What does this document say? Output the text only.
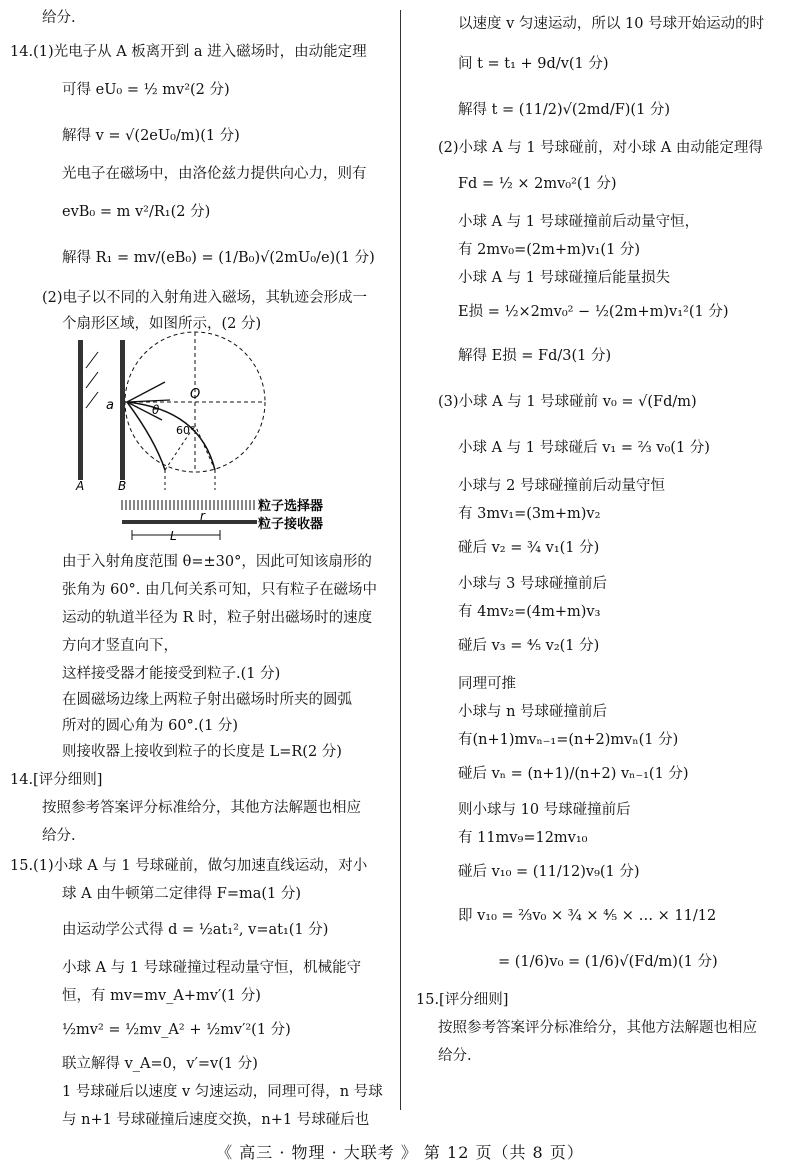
给分.
14.(1)光电子从 A 板离开到 a 进入磁场时，由动能定理
可得 eU₀ = ½ mv²(2 分)
解得 v = √(2eU₀/m)(1 分)
光电子在磁场中，由洛伦兹力提供向心力，则有
evB₀ = m v²/R₁(2 分)
解得 R₁ = mv/(eB₀) = (1/B₀)√(2mU₀/e)(1 分)
(2)电子以不同的入射角进入磁场，其轨迹会形成一
个扇形区域，如图所示，(2 分)
由于入射角度范围 θ=±30°，因此可知该扇形的
张角为 60°. 由几何关系可知，只有粒子在磁场中
运动的轨道半径为 R 时，粒子射出磁场时的速度
方向才竖直向下，
这样接受器才能接受到粒子.(1 分)
在圆磁场边缘上两粒子射出磁场时所夹的圆弧
所对的圆心角为 60°.(1 分)
则接收器上接收到粒子的长度是 L=R(2 分)
14.[评分细则]
按照参考答案评分标准给分，其他方法解题也相应
给分.
15.(1)小球 A 与 1 号球碰前，做匀加速直线运动，对小
球 A 由牛顿第二定律得 F=ma(1 分)
由运动学公式得 d = ½at₁², v=at₁(1 分)
小球 A 与 1 号球碰撞过程动量守恒，机械能守
恒，有 mv=mv_A+mv′(1 分)
½mv² = ½mv_A² + ½mv′²(1 分)
联立解得 v_A=0，v′=v(1 分)
1 号球碰后以速度 v 匀速运动，同理可得，n 号球
与 n+1 号球碰撞后速度交换，n+1 号球碰后也
以速度 v 匀速运动，所以 10 号球开始运动的时
间 t = t₁ + 9d/v(1 分)
解得 t = (11/2)√(2md/F)(1 分)
(2)小球 A 与 1 号球碰前，对小球 A 由动能定理得
Fd = ½ × 2mv₀²(1 分)
小球 A 与 1 号球碰撞前后动量守恒，
有 2mv₀=(2m+m)v₁(1 分)
小球 A 与 1 号球碰撞后能量损失
E损 = ½×2mv₀² − ½(2m+m)v₁²(1 分)
解得 E损 = Fd/3(1 分)
(3)小球 A 与 1 号球碰前 v₀ = √(Fd/m)
小球 A 与 1 号球碰后 v₁ = ⅔ v₀(1 分)
小球与 2 号球碰撞前后动量守恒
有 3mv₁=(3m+m)v₂
碰后 v₂ = ¾ v₁(1 分)
小球与 3 号球碰撞前后
有 4mv₂=(4m+m)v₃
碰后 v₃ = ⅘ v₂(1 分)
同理可推
小球与 n 号球碰撞前后
有(n+1)mvₙ₋₁=(n+2)mvₙ(1 分)
碰后 vₙ = (n+1)/(n+2) vₙ₋₁(1 分)
则小球与 10 号球碰撞前后
有 11mv₉=12mv₁₀
碰后 v₁₀ = (11/12)v₉(1 分)
即 v₁₀ = ⅔v₀ × ¾ × ⅘ × … × 11/12
= (1/6)v₀ = (1/6)√(Fd/m)(1 分)
15.[评分细则]
按照参考答案评分标准给分，其他方法解题也相应
给分.
a
O
θ
60°
A	B
粒子选择器
粒子接收器
L
r
《 高三 · 物理 · 大联考 》 第 12 页（共 8 页）
